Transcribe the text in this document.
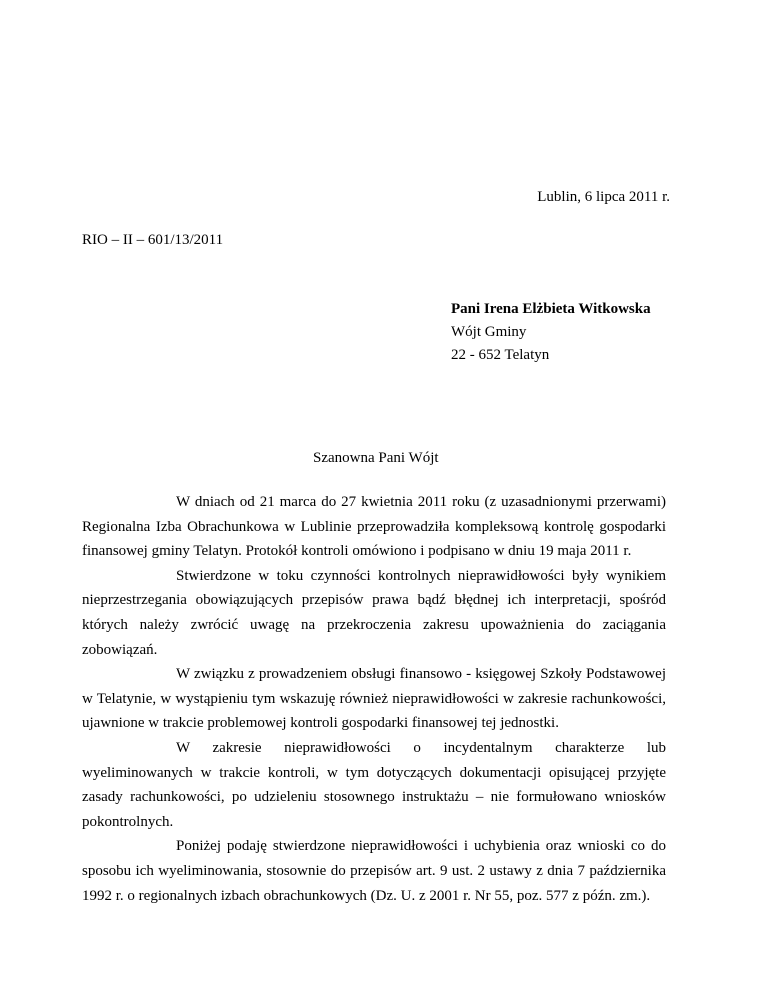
Lublin, 6 lipca 2011 r.
RIO – II – 601/13/2011
Pani Irena Elżbieta Witkowska
Wójt Gminy
22 - 652 Telatyn
Szanowna Pani Wójt

W dniach od 21 marca do 27 kwietnia 2011 roku (z uzasadnionymi przerwami) Regionalna Izba Obrachunkowa w Lublinie przeprowadziła kompleksową kontrolę gospodarki finansowej gminy Telatyn. Protokół kontroli omówiono i podpisano w dniu 19 maja 2011 r.

Stwierdzone w toku czynności kontrolnych nieprawidłowości były wynikiem nieprzestrzegania obowiązujących przepisów prawa bądź błędnej ich interpretacji, spośród których należy zwrócić uwagę na przekroczenia zakresu upoważnienia do zaciągania zobowiązań.

W związku z prowadzeniem obsługi finansowo - księgowej Szkoły Podstawowej w Telatynie, w wystąpieniu tym wskazuję również nieprawidłowości w zakresie rachunkowości, ujawnione w trakcie problemowej kontroli gospodarki finansowej tej jednostki.

W zakresie nieprawidłowości o incydentalnym charakterze lub wyeliminowanych w trakcie kontroli, w tym dotyczących dokumentacji opisującej przyjęte zasady rachunkowości, po udzieleniu stosownego instruktażu – nie formułowano wniosków pokontrolnych.

Poniżej podaję stwierdzone nieprawidłowości i uchybienia oraz wnioski co do sposobu ich wyeliminowania, stosownie do przepisów art. 9 ust. 2 ustawy z dnia 7 października 1992 r. o regionalnych izbach obrachunkowych (Dz. U. z 2001 r. Nr 55, poz. 577 z późn. zm.).
